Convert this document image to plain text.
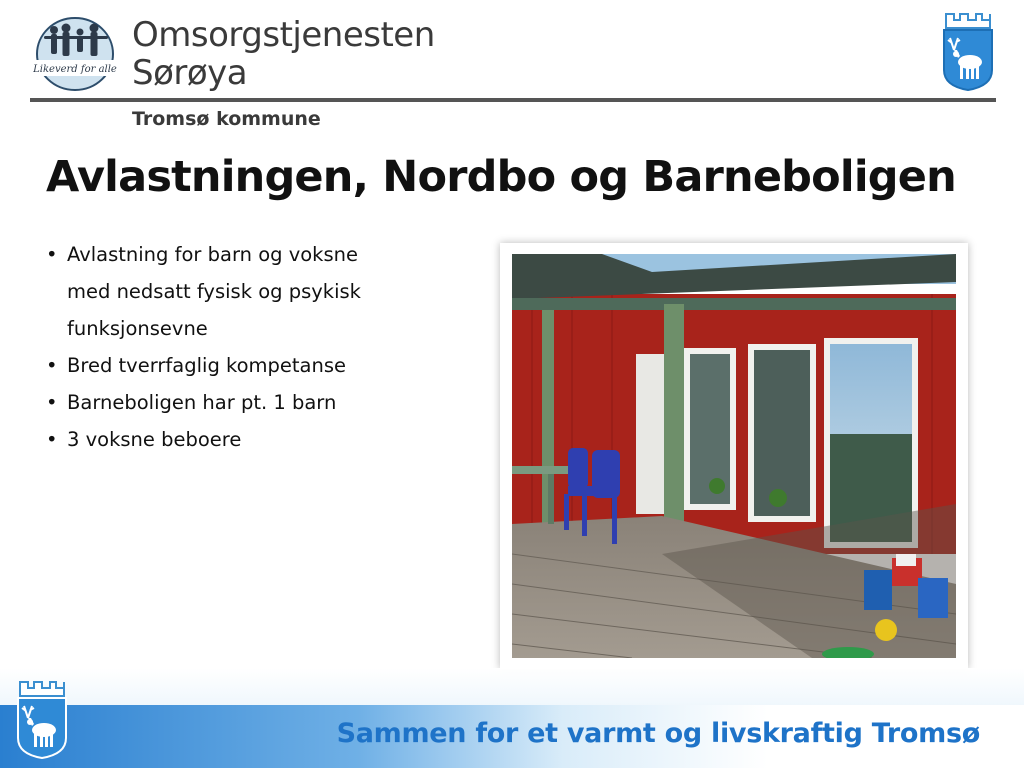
Likeverd for alle
Omsorgstjenesten
Sørøya
Tromsø kommune
Avlastningen, Nordbo og Barneboligen
• Avlastning for barn og voksne med nedsatt fysisk og psykisk funksjonsevne
• Bred tverrfaglig kompetanse
• Barneboligen har pt. 1 barn
• 3 voksne beboere
Sammen for et varmt og livskraftig Tromsø
